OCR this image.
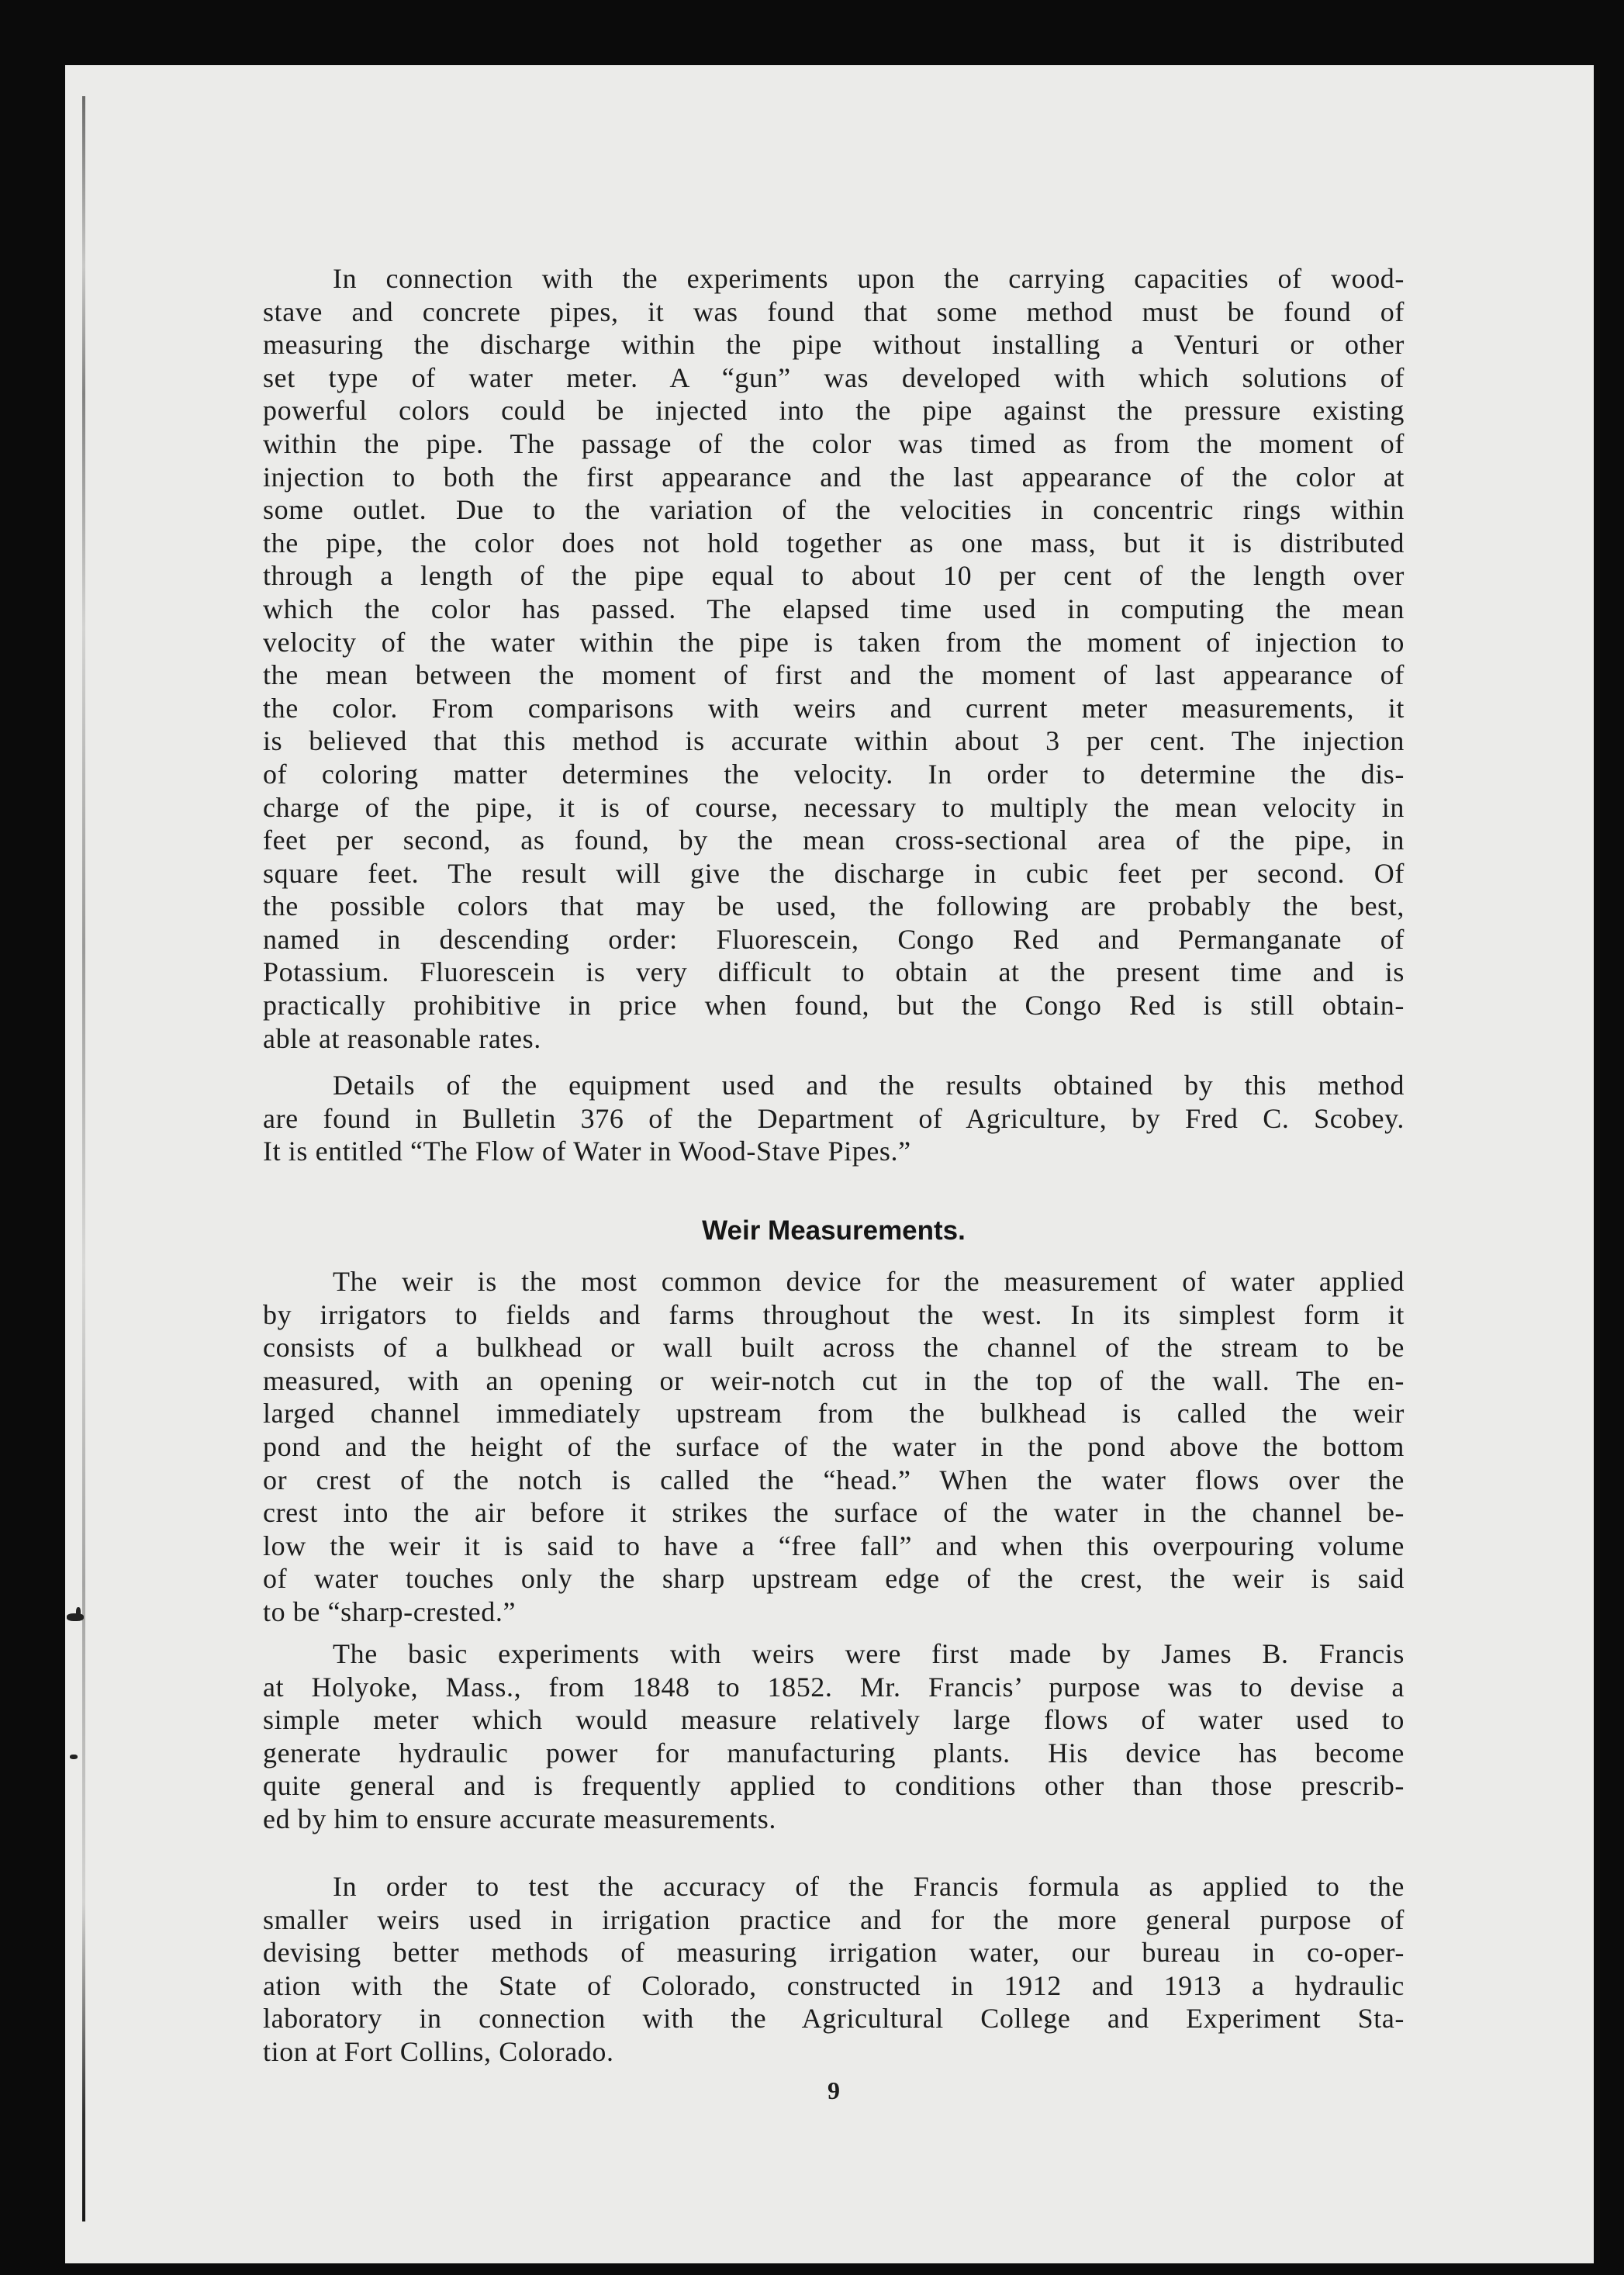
In connection with the experiments upon the carrying capacities of wood-
stave and concrete pipes, it was found that some method must be found of
measuring the discharge within the pipe without installing a Venturi or other
set type of water meter. A “gun” was developed with which solutions of
powerful colors could be injected into the pipe against the pressure existing
within the pipe. The passage of the color was timed as from the moment of
injection to both the first appearance and the last appearance of the color at
some outlet. Due to the variation of the velocities in concentric rings within
the pipe, the color does not hold together as one mass, but it is distributed
through a length of the pipe equal to about 10 per cent of the length over
which the color has passed. The elapsed time used in computing the mean
velocity of the water within the pipe is taken from the moment of injection to
the mean between the moment of first and the moment of last appearance of
the color. From comparisons with weirs and current meter measurements, it
is believed that this method is accurate within about 3 per cent. The injection
of coloring matter determines the velocity. In order to determine the dis-
charge of the pipe, it is of course, necessary to multiply the mean velocity in
feet per second, as found, by the mean cross-sectional area of the pipe, in
square feet. The result will give the discharge in cubic feet per second. Of
the possible colors that may be used, the following are probably the best,
named in descending order: Fluorescein, Congo Red and Permanganate of
Potassium. Fluorescein is very difficult to obtain at the present time and is
practically prohibitive in price when found, but the Congo Red is still obtain-
able at reasonable rates.
Details of the equipment used and the results obtained by this method
are found in Bulletin 376 of the Department of Agriculture, by Fred C. Scobey.
It is entitled “The Flow of Water in Wood-Stave Pipes.”
Weir Measurements.
The weir is the most common device for the measurement of water applied
by irrigators to fields and farms throughout the west. In its simplest form it
consists of a bulkhead or wall built across the channel of the stream to be
measured, with an opening or weir-notch cut in the top of the wall. The en-
larged channel immediately upstream from the bulkhead is called the weir
pond and the height of the surface of the water in the pond above the bottom
or crest of the notch is called the “head.” When the water flows over the
crest into the air before it strikes the surface of the water in the channel be-
low the weir it is said to have a “free fall” and when this overpouring volume
of water touches only the sharp upstream edge of the crest, the weir is said
to be “sharp-crested.”
The basic experiments with weirs were first made by James B. Francis
at Holyoke, Mass., from 1848 to 1852. Mr. Francis’ purpose was to devise a
simple meter which would measure relatively large flows of water used to
generate hydraulic power for manufacturing plants. His device has become
quite general and is frequently applied to conditions other than those prescrib-
ed by him to ensure accurate measurements.
In order to test the accuracy of the Francis formula as applied to the
smaller weirs used in irrigation practice and for the more general purpose of
devising better methods of measuring irrigation water, our bureau in co-oper-
ation with the State of Colorado, constructed in 1912 and 1913 a hydraulic
laboratory in connection with the Agricultural College and Experiment Sta-
tion at Fort Collins, Colorado.
9
